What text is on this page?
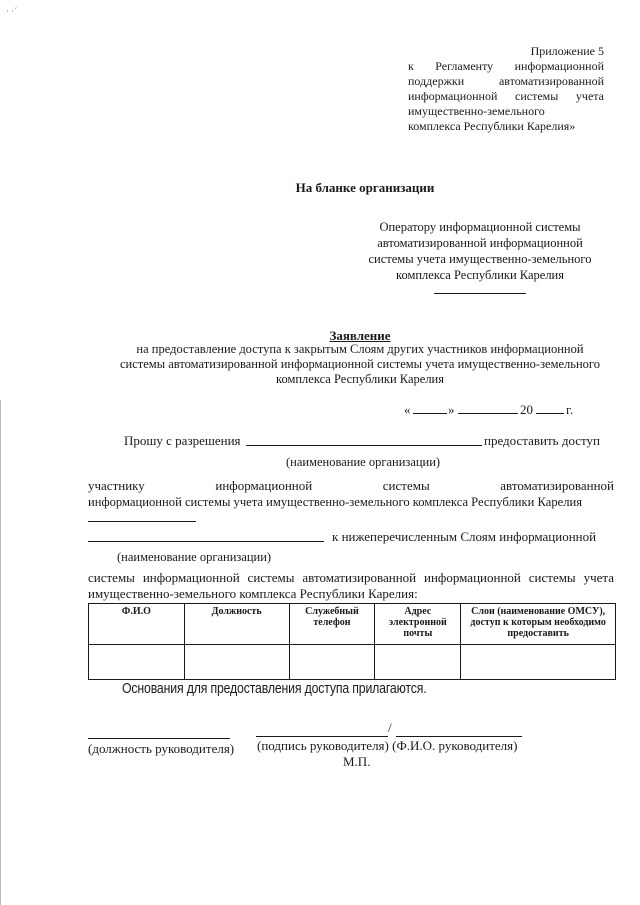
· ·ˊ
Приложение 5
к Регламенту информационной
поддержки автоматизированной
информационной системы учета
имущественно-земельного
комплекса Республики Карелия»
На бланке организации
Оператору информационной системы
автоматизированной информационной
системы учета имущественно-земельного
комплекса Республики Карелия
Заявление
на предоставление доступа к закрытым Слоям других участников информационной
системы автоматизированной информационной системы учета имущественно-земельного
комплекса Республики Карелия
«	»	20	г.
Прошу с разрешения	предоставить доступ
(наименование организации)
участнику информационной системы автоматизированной
информационной системы учета имущественно-земельного комплекса Республики Карелия
к нижеперечисленным Слоям информационной
(наименование организации)
системы информационной системы автоматизированной информационной системы учета
имущественно-земельного комплекса Республики Карелия:
Ф.И.О	Должность	Служебный телефон	Адрес электронной почты	Слои (наименование ОМСУ), доступ к которым необходимо предоставить

Основания для предоставления доступа прилагаются.
/
(должность руководителя) (подпись руководителя) (Ф.И.О. руководителя)
М.П.
